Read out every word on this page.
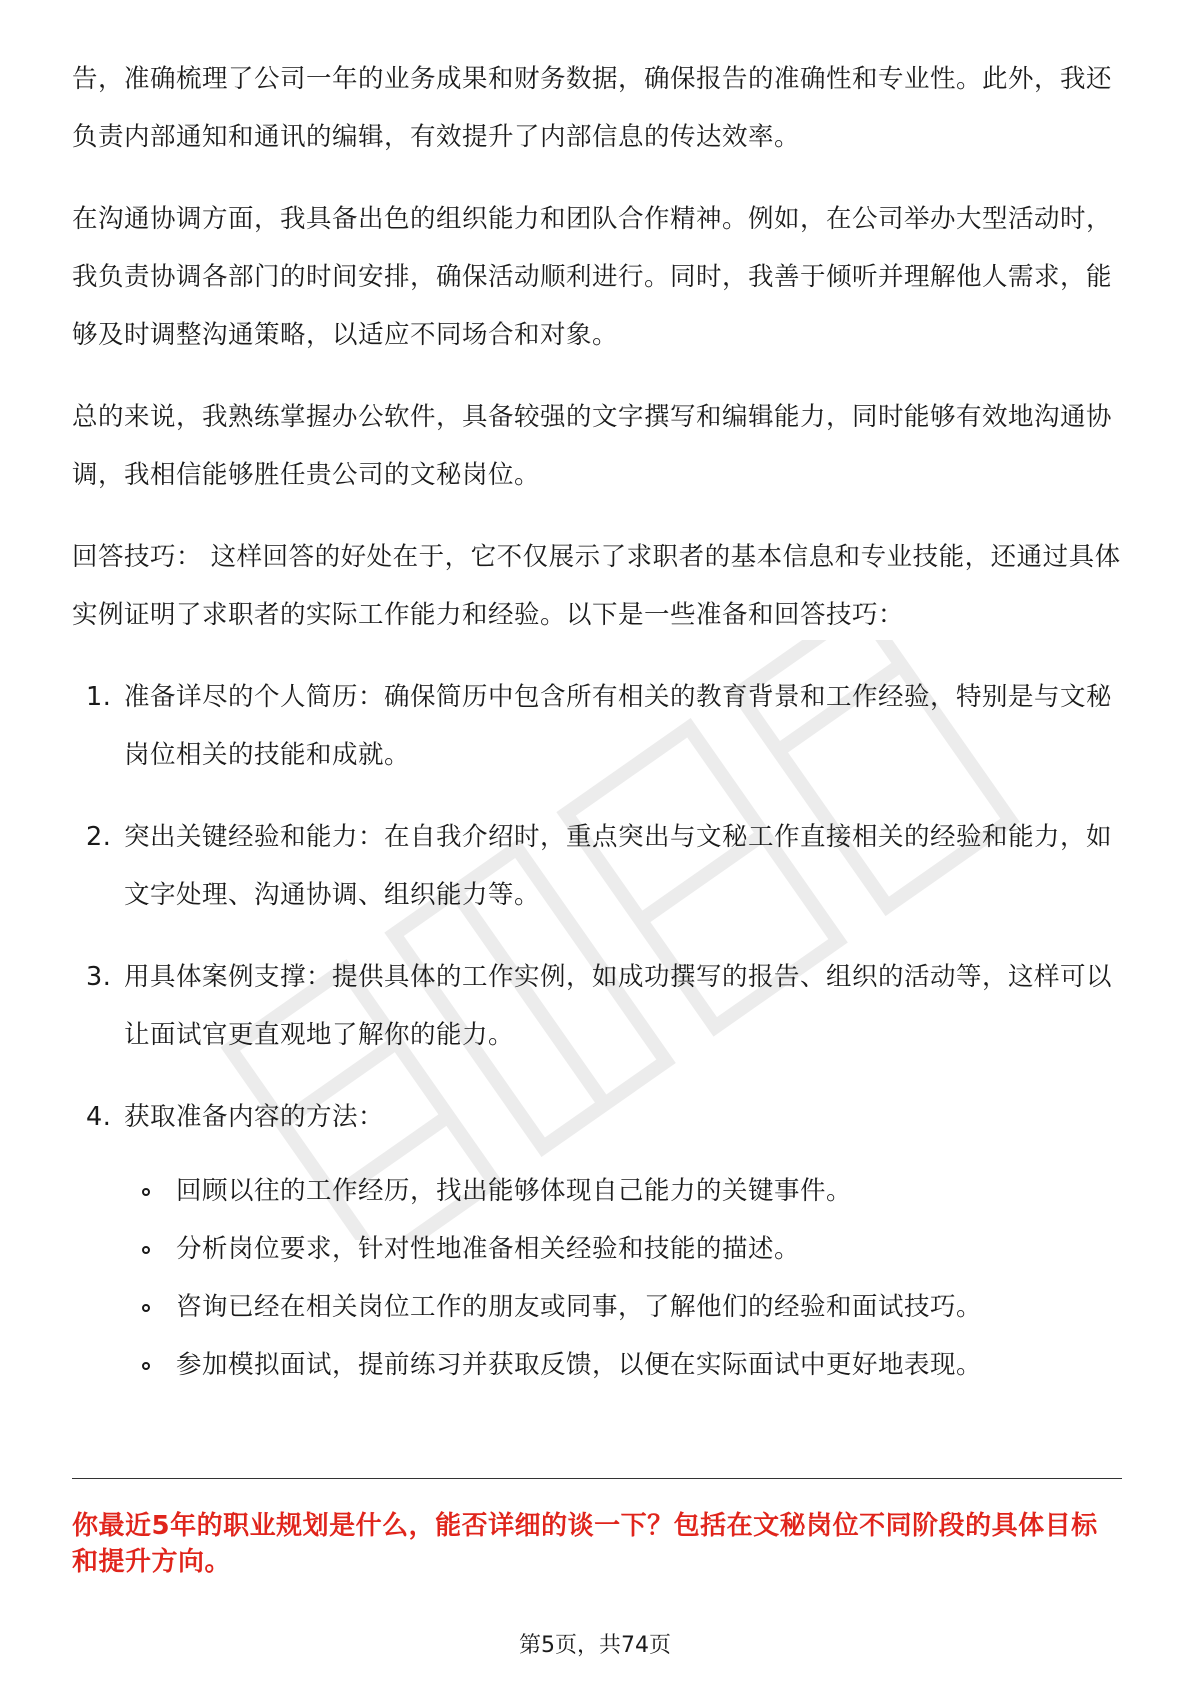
告，准确梳理了公司一年的业务成果和财务数据，确保报告的准确性和专业性。此外，我还负责内部通知和通讯的编辑，有效提升了内部信息的传达效率。

在沟通协调方面，我具备出色的组织能力和团队合作精神。例如，在公司举办大型活动时，我负责协调各部门的时间安排，确保活动顺利进行。同时，我善于倾听并理解他人需求，能够及时调整沟通策略，以适应不同场合和对象。

总的来说，我熟练掌握办公软件，具备较强的文字撰写和编辑能力，同时能够有效地沟通协调，我相信能够胜任贵公司的文秘岗位。

回答技巧： 这样回答的好处在于，它不仅展示了求职者的基本信息和专业技能，还通过具体实例证明了求职者的实际工作能力和经验。以下是一些准备和回答技巧：

1. 准备详尽的个人简历：确保简历中包含所有相关的教育背景和工作经验，特别是与文秘岗位相关的技能和成就。
2. 突出关键经验和能力：在自我介绍时，重点突出与文秘工作直接相关的经验和能力，如文字处理、沟通协调、组织能力等。
3. 用具体案例支撑：提供具体的工作实例，如成功撰写的报告、组织的活动等，这样可以让面试官更直观地了解你的能力。
4. 获取准备内容的方法：
回顾以往的工作经历，找出能够体现自己能力的关键事件。
分析岗位要求，针对性地准备相关经验和技能的描述。
咨询已经在相关岗位工作的朋友或同事，了解他们的经验和面试技巧。
参加模拟面试，提前练习并获取反馈，以便在实际面试中更好地表现。
你最近5年的职业规划是什么，能否详细的谈一下？包括在文秘岗位不同阶段的具体目标和提升方向。
第5页，共74页
